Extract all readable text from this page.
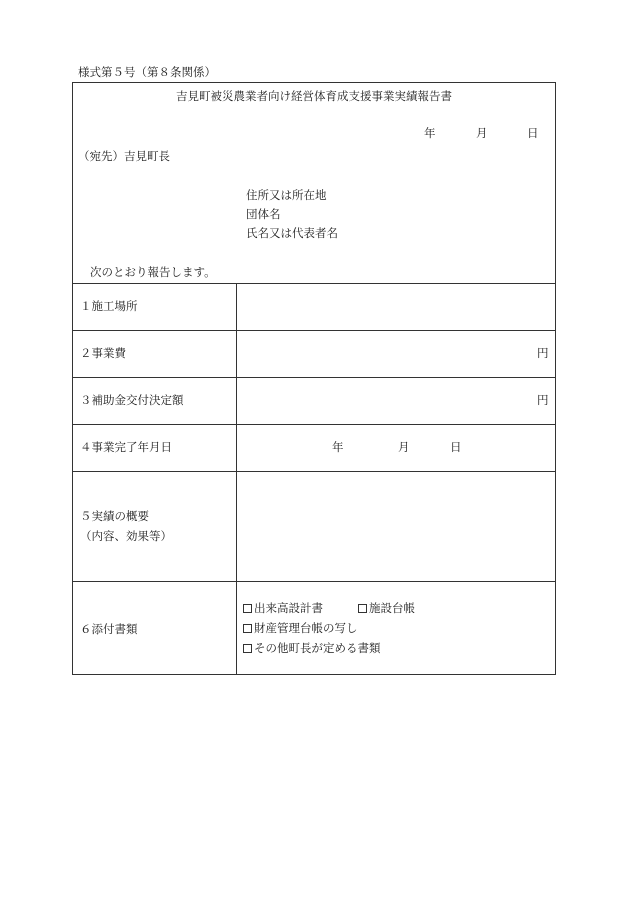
様式第５号（第８条関係）
吉見町被災農業者向け経営体育成支援事業実績報告書
年	月	日
（宛先）吉見町長
住所又は所在地
団体名
氏名又は代表者名
次のとおり報告します。
１施工場所
２事業費	円
３補助金交付決定額	円
４事業完了年月日	年	月	日
５実績の概要
（内容、効果等）
６添付書類
出来高設計書	施設台帳
財産管理台帳の写し
その他町長が定める書類
